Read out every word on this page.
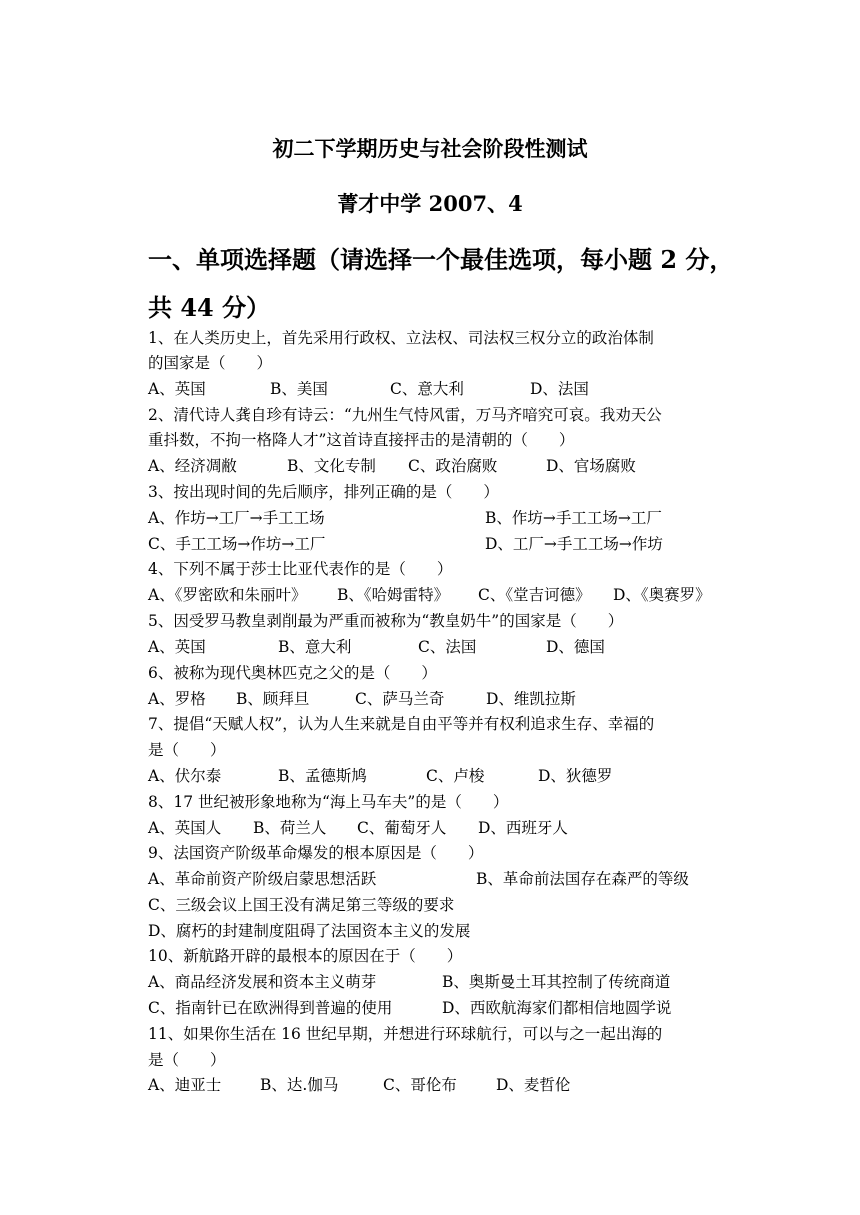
初二下学期历史与社会阶段性测试
菁才中学 2007、4
一、单项选择题（请选择一个最佳选项，每小题 2 分，
共 44 分）
1、在人类历史上，首先采用行政权、立法权、司法权三权分立的政治体制
的国家是（　　）
A、英国	B、美国	C、意大利	D、法国
2、清代诗人龚自珍有诗云：“九州生气恃风雷，万马齐喑究可哀。我劝天公
重抖数，不拘一格降人才”这首诗直接抨击的是清朝的（　　）
A、经济凋敝	B、文化专制 C、政治腐败	D、官场腐败
3、按出现时间的先后顺序，排列正确的是（　　）
A、作坊→工厂→手工工场	B、作坊→手工工场→工厂
C、手工工场→作坊→工厂	D、工厂→手工工场→作坊
4、下列不属于莎士比亚代表作的是（　　）
A、《罗密欧和朱丽叶》 B、《哈姆雷特》 C、《堂吉诃德》 D、《奥赛罗》
5、因受罗马教皇剥削最为严重而被称为“教皇奶牛”的国家是（　　）
A、英国	B、意大利	C、法国	D、德国
6、被称为现代奥林匹克之父的是（　　）
A、罗格 B、顾拜旦	C、萨马兰奇	D、维凯拉斯
7、提倡“天赋人权”，认为人生来就是自由平等并有权利追求生存、幸福的
是（　　）
A、伏尔泰	B、孟德斯鸠	C、卢梭	D、狄德罗
8、17 世纪被形象地称为“海上马车夫”的是（　　）
A、英国人 B、荷兰人 C、葡萄牙人 D、西班牙人
9、法国资产阶级革命爆发的根本原因是（　　）
A、革命前资产阶级启蒙思想活跃	B、革命前法国存在森严的等级
C、三级会议上国王没有满足第三等级的要求
D、腐朽的封建制度阻碍了法国资本主义的发展
10、新航路开辟的最根本的原因在于（　　）
A、商品经济发展和资本主义萌芽	B、奥斯曼土耳其控制了传统商道
C、指南针已在欧洲得到普遍的使用	D、西欧航海家们都相信地圆学说
11、如果你生活在 16 世纪早期，并想进行环球航行，可以与之一起出海的
是（　　）
A、迪亚士	B、达.伽马	C、哥伦布	D、麦哲伦
